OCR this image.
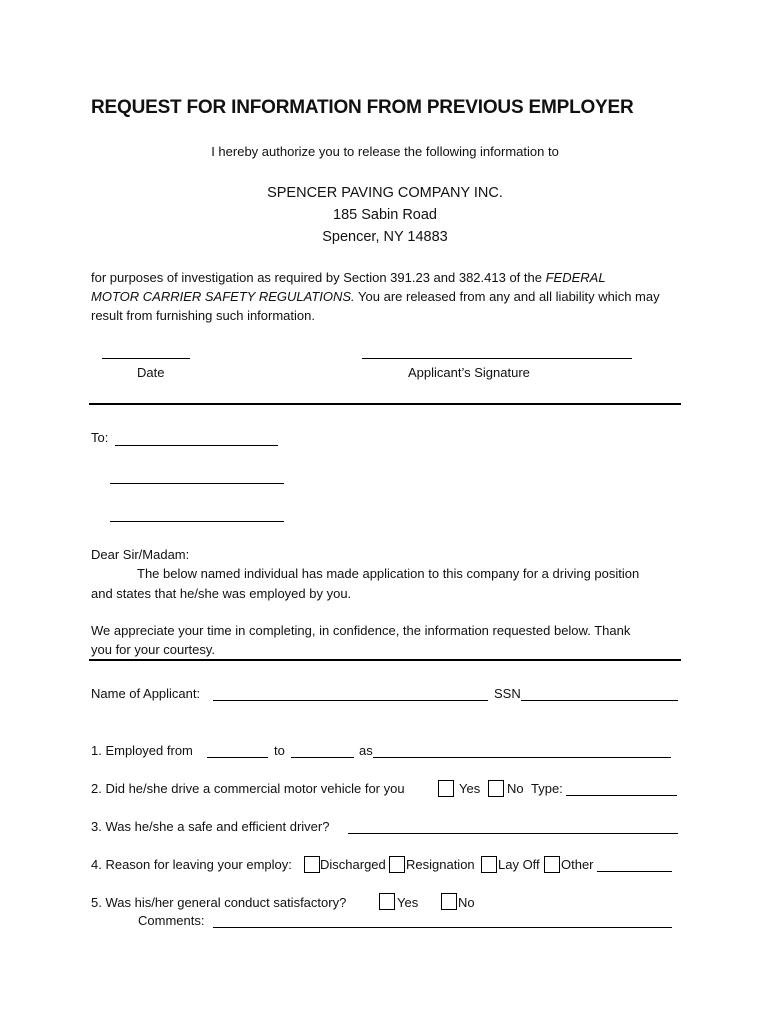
REQUEST FOR INFORMATION FROM PREVIOUS EMPLOYER
I hereby authorize you to release the following information to
SPENCER PAVING COMPANY INC.
185 Sabin Road
Spencer, NY 14883
for purposes of investigation as required by Section 391.23 and 382.413 of the FEDERAL
MOTOR CARRIER SAFETY REGULATIONS. You are released from any and all liability which may
result from furnishing such information.
Date	Applicant’s Signature
To:
Dear Sir/Madam:
The below named individual has made application to this company for a driving position
and states that he/she was employed by you.
We appreciate your time in completing, in confidence, the information requested below. Thank
you for your courtesy.
Name of Applicant:	SSN
1. Employed from	to	as
2. Did he/she drive a commercial motor vehicle for you	Yes No Type:
3. Was he/she a safe and efficient driver?
4. Reason for leaving your employ: Discharged Resignation Lay Off Other
5. Was his/her general conduct satisfactory?	Yes	No
Comments:
